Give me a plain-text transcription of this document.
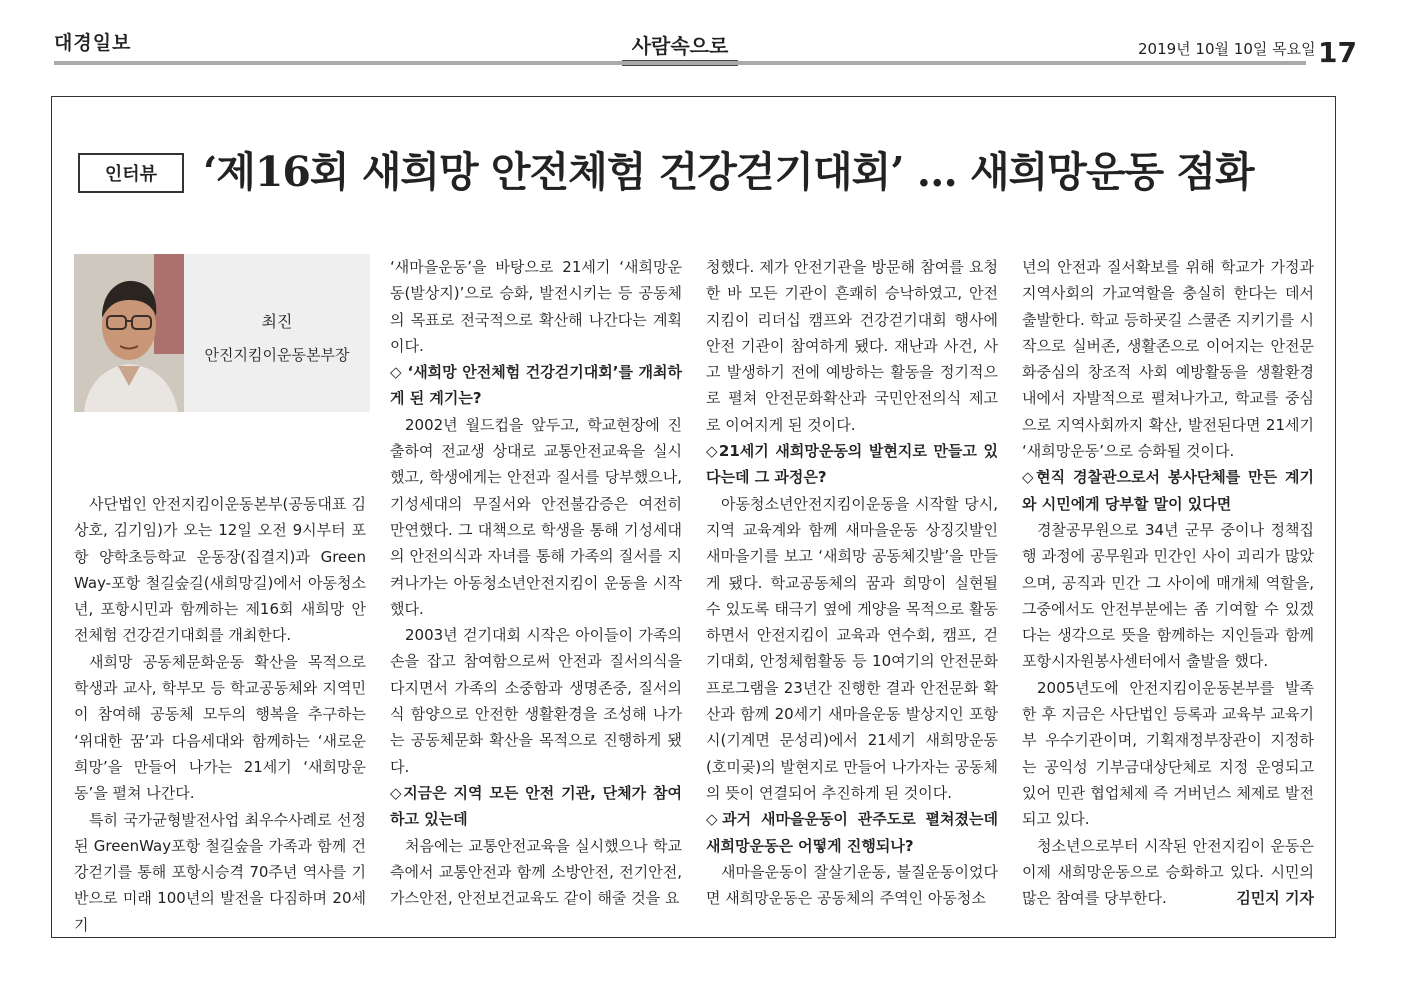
대경일보	사람속으로	2019년 10월 10일 목요일 17
인터뷰	‘제16회 새희망 안전체험 건강걷기대회’ … 새희망운동 점화
최진
안진지킴이운동본부장

사단법인 안전지킴이운동본부(공동대표 김상호, 김기임)가 오는 12일 오전 9시부터 포항 양학초등학교 운동장(집결지)과 Green Way-포항 철길숲길(새희망길)에서 아동청소년, 포항시민과 함께하는 제16회 새희망 안전체험 건강걷기대회를 개최한다.

새희망 공동체문화운동 확산을 목적으로 학생과 교사, 학부모 등 학교공동체와 지역민이 참여해 공동체 모두의 행복을 추구하는 ‘위대한 꿈’과 다음세대와 함께하는 ‘새로운 희망’을 만들어 나가는 21세기 ‘새희망운동’을 펼쳐 나간다.

특히 국가균형발전사업 최우수사례로 선정된 GreenWay포항 철길숲을 가족과 함께 건강걷기를 통해 포항시승격 70주년 역사를 기반으로 미래 100년의 발전을 다짐하며 20세기

‘새마을운동’을 바탕으로 21세기 ‘새희망운동(발상지)’으로 승화, 발전시키는 등 공동체의 목표로 전국적으로 확산해 나간다는 계획이다.

◇ ‘새희망 안전체험 건강걷기대회’를 개최하게 된 계기는?

2002년 월드컵을 앞두고, 학교현장에 진출하여 전교생 상대로 교통안전교육을 실시했고, 학생에게는 안전과 질서를 당부했으나, 기성세대의 무질서와 안전불감증은 여전히 만연했다. 그 대책으로 학생을 통해 기성세대의 안전의식과 자녀를 통해 가족의 질서를 지켜나가는 아동청소년안전지킴이 운동을 시작했다.

2003년 걷기대회 시작은 아이들이 가족의 손을 잡고 참여함으로써 안전과 질서의식을 다지면서 가족의 소중함과 생명존중, 질서의식 함양으로 안전한 생활환경을 조성해 나가는 공동체문화 확산을 목적으로 진행하게 됐다.

◇지금은 지역 모든 안전 기관, 단체가 참여하고 있는데

처음에는 교통안전교육을 실시했으나 학교측에서 교통안전과 함께 소방안전, 전기안전, 가스안전, 안전보건교육도 같이 해줄 것을 요

청했다. 제가 안전기관을 방문해 참여를 요청한 바 모든 기관이 흔쾌히 승낙하였고, 안전지킴이 리더십 캠프와 건강걷기대회 행사에 안전 기관이 참여하게 됐다. 재난과 사건, 사고 발생하기 전에 예방하는 활동을 정기적으로 펼쳐 안전문화확산과 국민안전의식 제고로 이어지게 된 것이다.

◇21세기 새희망운동의 발현지로 만들고 있다는데 그 과정은?

아동청소년안전지킴이운동을 시작할 당시, 지역 교육계와 함께 새마을운동 상징깃발인 새마을기를 보고 ‘새희망 공동체깃발’을 만들게 됐다. 학교공동체의 꿈과 희망이 실현될 수 있도록 태극기 옆에 게양을 목적으로 활동하면서 안전지킴이 교육과 연수회, 캠프, 걷기대회, 안정체험활동 등 10여기의 안전문화 프로그램을 23년간 진행한 결과 안전문화 확산과 함께 20세기 새마을운동 발상지인 포항시(기계면 문성리)에서 21세기 새희망운동(호미곶)의 발현지로 만들어 나가자는 공동체의 뜻이 연결되어 추진하게 된 것이다.

◇과거 새마을운동이 관주도로 펼쳐졌는데 새희망운동은 어떻게 진행되나?

새마을운동이 잘살기운동, 불질운동이었다면 새희망운동은 공동체의 주역인 아동청소

년의 안전과 질서확보를 위해 학교가 가정과 지역사회의 가교역할을 충실히 한다는 데서 출발한다. 학교 등하굣길 스쿨존 지키기를 시작으로 실버존, 생활존으로 이어지는 안전문화중심의 창조적 사회 예방활동을 생활환경 내에서 자발적으로 펼쳐나가고, 학교를 중심으로 지역사회까지 확산, 발전된다면 21세기 ‘새희망운동’으로 승화될 것이다.

◇현직 경찰관으로서 봉사단체를 만든 계기와 시민에게 당부할 말이 있다면

경찰공무원으로 34년 군무 중이나 정책집행 과정에 공무원과 민간인 사이 괴리가 많았으며, 공직과 민간 그 사이에 매개체 역할을, 그중에서도 안전부분에는 좀 기여할 수 있겠다는 생각으로 뜻을 함께하는 지인들과 함께 포항시자원봉사센터에서 출발을 했다.

2005년도에 안전지킴이운동본부를 발족한 후 지금은 사단법인 등록과 교육부 교육기부 우수기관이며, 기획재정부장관이 지정하는 공익성 기부금대상단체로 지정 운영되고 있어 민관 협업체제 즉 거버넌스 체제로 발전되고 있다.

청소년으로부터 시작된 안전지킴이 운동은 이제 새희망운동으로 승화하고 있다. 시민의 많은 참여를 당부한다.	김민지 기자
